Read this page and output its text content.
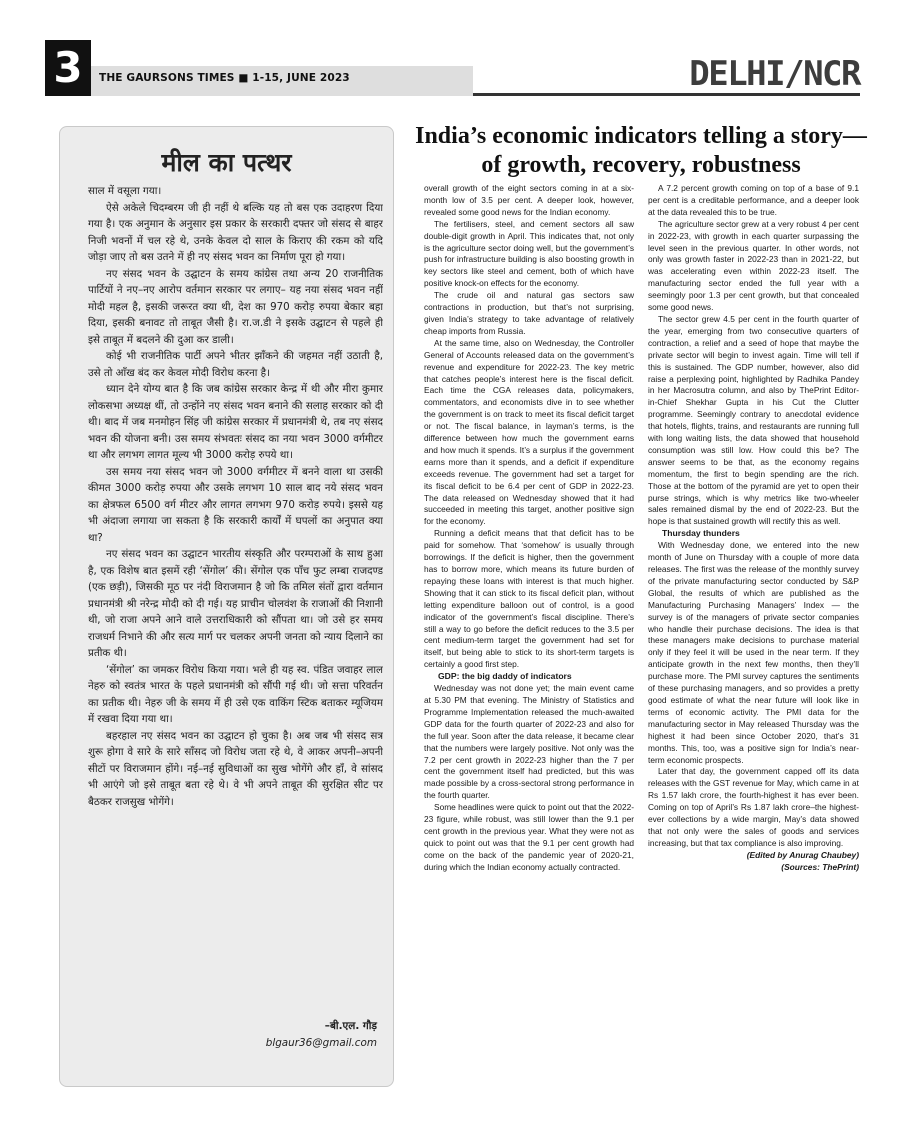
3	THE GAURSONS TIMES ■ 1-15, JUNE 2023	DELHI/NCR
मील का पत्थर

साल में वसूला गया।

ऐसे अकेले चिदम्बरम जी ही नहीं थे बल्कि यह तो बस एक उदाहरण दिया गया है। एक अनुमान के अनुसार इस प्रकार के सरकारी दफ्तर जो संसद से बाहर निजी भवनों में चल रहे थे, उनके केवल दो साल के किराए की रकम को यदि जोड़ा जाए तो बस उतने में ही नए संसद भवन का निर्माण पूरा हो गया।

नए संसद भवन के उद्घाटन के समय कांग्रेस तथा अन्य 20 राजनीतिक पार्टियों ने नए–नए आरोप वर्तमान सरकार पर लगाए– यह नया संसद भवन नहीं मोदी महल है, इसकी जरूरत क्या थी, देश का 970 करोड़ रुपया बेकार बहा दिया, इसकी बनावट तो ताबूत जैसी है। रा.ज.डी ने इसके उद्घाटन से पहले ही इसे ताबूत में बदलने की दुआ कर डाली।

कोई भी राजनीतिक पार्टी अपने भीतर झाँकने की जहमत नहीं उठाती है, उसे तो आँख बंद कर केवल मोदी विरोध करना है।

ध्यान देने योग्य बात है कि जब कांग्रेस सरकार केन्द्र में थी और मीरा कुमार लोकसभा अध्यक्ष थीं, तो उन्होंने नए संसद भवन बनाने की सलाह सरकार को दी थी। बाद में जब मनमोहन सिंह जी कांग्रेस सरकार में प्रधानमंत्री थे, तब नए संसद भवन की योजना बनी। उस समय संभवतः संसद का नया भवन 3000 वर्गमीटर था और लगभग लागत मूल्य भी 3000 करोड़ रुपये था।

उस समय नया संसद भवन जो 3000 वर्गमीटर में बनने वाला था उसकी कीमत 3000 करोड़ रुपया और उसके लगभग 10 साल बाद नये संसद भवन का क्षेत्रफल 6500 वर्ग मीटर और लागत लगभग 970 करोड़ रुपये। इससे यह भी अंदाजा लगाया जा सकता है कि सरकारी कार्यों में घपलों का अनुपात क्या था?

नए संसद भवन का उद्घाटन भारतीय संस्कृति और परम्पराओं के साथ हुआ है, एक विशेष बात इसमें रही ‘सेंगोल’ की। सेंगोल एक पाँच फुट लम्बा राजदण्ड (एक छड़ी), जिसकी मूठ पर नंदी विराजमान है जो कि तमिल संतों द्वारा वर्तमान प्रधानमंत्री श्री नरेन्द्र मोदी को दी गई। यह प्राचीन चोलवंश के राजाओं की निशानी थी, जो राजा अपने आने वाले उत्तराधिकारी को सौंपता था। जो उसे हर समय राजधर्म निभाने की और सत्य मार्ग पर चलकर अपनी जनता को न्याय दिलाने का प्रतीक थी।

‘सेंगोल’ का जमकर विरोध किया गया। भले ही यह स्व. पंडित जवाहर लाल नेहरु को स्वतंत्र भारत के पहले प्रधानमंत्री को सौंपी गई थी। जो सत्ता परिवर्तन का प्रतीक थी। नेहरु जी के समय में ही उसे एक वाकिंग स्टिक बताकर म्यूजियम में रखवा दिया गया था।

बहरहाल नए संसद भवन का उद्घाटन हो चुका है। अब जब भी संसद सत्र शुरू होगा वे सारे के सारे साँसद जो विरोध जता रहे थे, वे आकर अपनी–अपनी सीटों पर विराजमान होंगे। नई–नई सुविधाओं का सुख भोगेंगे और हाँ, वे सांसद भी आएंगे जो इसे ताबूत बता रहे थे। वे भी अपने ताबूत की सुरक्षित सीट पर बैठकर राजसुख भोगेंगे।

–बी.एल. गौड़
blgaur36@gmail.com
India’s economic indicators telling a story—of growth, recovery, robustness

overall growth of the eight sectors coming in at a six-month low of 3.5 per cent. A deeper look, however, revealed some good news for the Indian economy.

The fertilisers, steel, and cement sectors all saw double-digit growth in April. This indicates that, not only is the agriculture sector doing well, but the government’s push for infrastructure building is also boosting growth in key sectors like steel and cement, both of which have positive knock-on effects for the economy.

The crude oil and natural gas sectors saw contractions in production, but that’s not surprising, given India’s strategy to take advantage of relatively cheap imports from Russia.

At the same time, also on Wednesday, the Controller General of Accounts released data on the government’s revenue and expenditure for 2022-23. The key metric that catches people’s interest here is the fiscal deficit. Each time the CGA releases data, policymakers, commentators, and economists dive in to see whether the government is on track to meet its fiscal deficit target or not. The fiscal balance, in layman’s terms, is the difference between how much the government earns and how much it spends. It’s a surplus if the government earns more than it spends, and a deficit if expenditure exceeds revenue. The government had set a target for its fiscal deficit to be 6.4 per cent of GDP in 2022-23. The data released on Wednesday showed that it had succeeded in meeting this target, another positive sign for the economy.

Running a deficit means that that deficit has to be paid for somehow. That ‘somehow’ is usually through borrowings. If the deficit is higher, then the government has to borrow more, which means its future burden of repaying these loans with interest is that much higher. Showing that it can stick to its fiscal deficit plan, without letting expenditure balloon out of control, is a good indicator of the government’s fiscal discipline. There’s still a way to go before the deficit reduces to the 3.5 per cent medium-term target the government had set for itself, but being able to stick to its short-term targets is certainly a good first step.

GDP: the big daddy of indicators

Wednesday was not done yet; the main event came at 5.30 PM that evening. The Ministry of Statistics and Programme Implementation released the much-awaited GDP data for the fourth quarter of 2022-23 and also for the full year. Soon after the data release, it became clear that the numbers were largely positive. Not only was the 7.2 per cent growth in 2022-23 higher than the 7 per cent the government itself had predicted, but this was made possible by a cross-sectoral strong performance in the fourth quarter.

Some headlines were quick to point out that the 2022-23 figure, while robust, was still lower than the 9.1 per cent growth in the previous year. What they were not as quick to point out was that the 9.1 per cent growth had come on the back of the pandemic year of 2020-21, during which the Indian economy actually contracted.

A 7.2 percent growth coming on top of a base of 9.1 per cent is a creditable performance, and a deeper look at the data revealed this to be true.

The agriculture sector grew at a very robust 4 per cent in 2022-23, with growth in each quarter surpassing the level seen in the previous quarter. In other words, not only was growth faster in 2022-23 than in 2021-22, but was accelerating even within 2022-23 itself. The manufacturing sector ended the full year with a seemingly poor 1.3 per cent growth, but that concealed some good news.

The sector grew 4.5 per cent in the fourth quarter of the year, emerging from two consecutive quarters of contraction, a relief and a seed of hope that maybe the private sector will begin to invest again. Time will tell if this is sustained. The GDP number, however, also did raise a perplexing point, highlighted by Radhika Pandey in her Macrosutra column, and also by ThePrint Editor-in-Chief Shekhar Gupta in his Cut the Clutter programme. Seemingly contrary to anecdotal evidence that hotels, flights, trains, and restaurants are running full with long waiting lists, the data showed that household consumption was still low. How could this be? The answer seems to be that, as the economy regains momentum, the first to begin spending are the rich. Those at the bottom of the pyramid are yet to open their purse strings, which is why metrics like two-wheeler sales remained dismal by the end of 2022-23. But the hope is that sustained growth will rectify this as well.

Thursday thunders

With Wednesday done, we entered into the new month of June on Thursday with a couple of more data releases. The first was the release of the monthly survey of the private manufacturing sector conducted by S&P Global, the results of which are published as the Manufacturing Purchasing Managers’ Index — the survey is of the managers of private sector companies who handle their purchase decisions. The idea is that these managers make decisions to purchase material only if they feel it will be used in the near term. If they anticipate growth in the next few months, then they’ll purchase more. The PMI survey captures the sentiments of these purchasing managers, and so provides a pretty good estimate of what the near future will look like in terms of economic activity. The PMI data for the manufacturing sector in May released Thursday was the highest it had been since October 2020, that’s 31 months. This, too, was a positive sign for India’s near-term economic prospects.

Later that day, the government capped off its data releases with the GST revenue for May, which came in at Rs 1.57 lakh crore, the fourth-highest it has ever been. Coming on top of April’s Rs 1.87 lakh crore–the highest-ever collections by a wide margin, May’s data showed that not only were the sales of goods and services increasing, but that tax compliance is also improving.

(Edited by Anurag Chaubey)
(Sources: ThePrint)
